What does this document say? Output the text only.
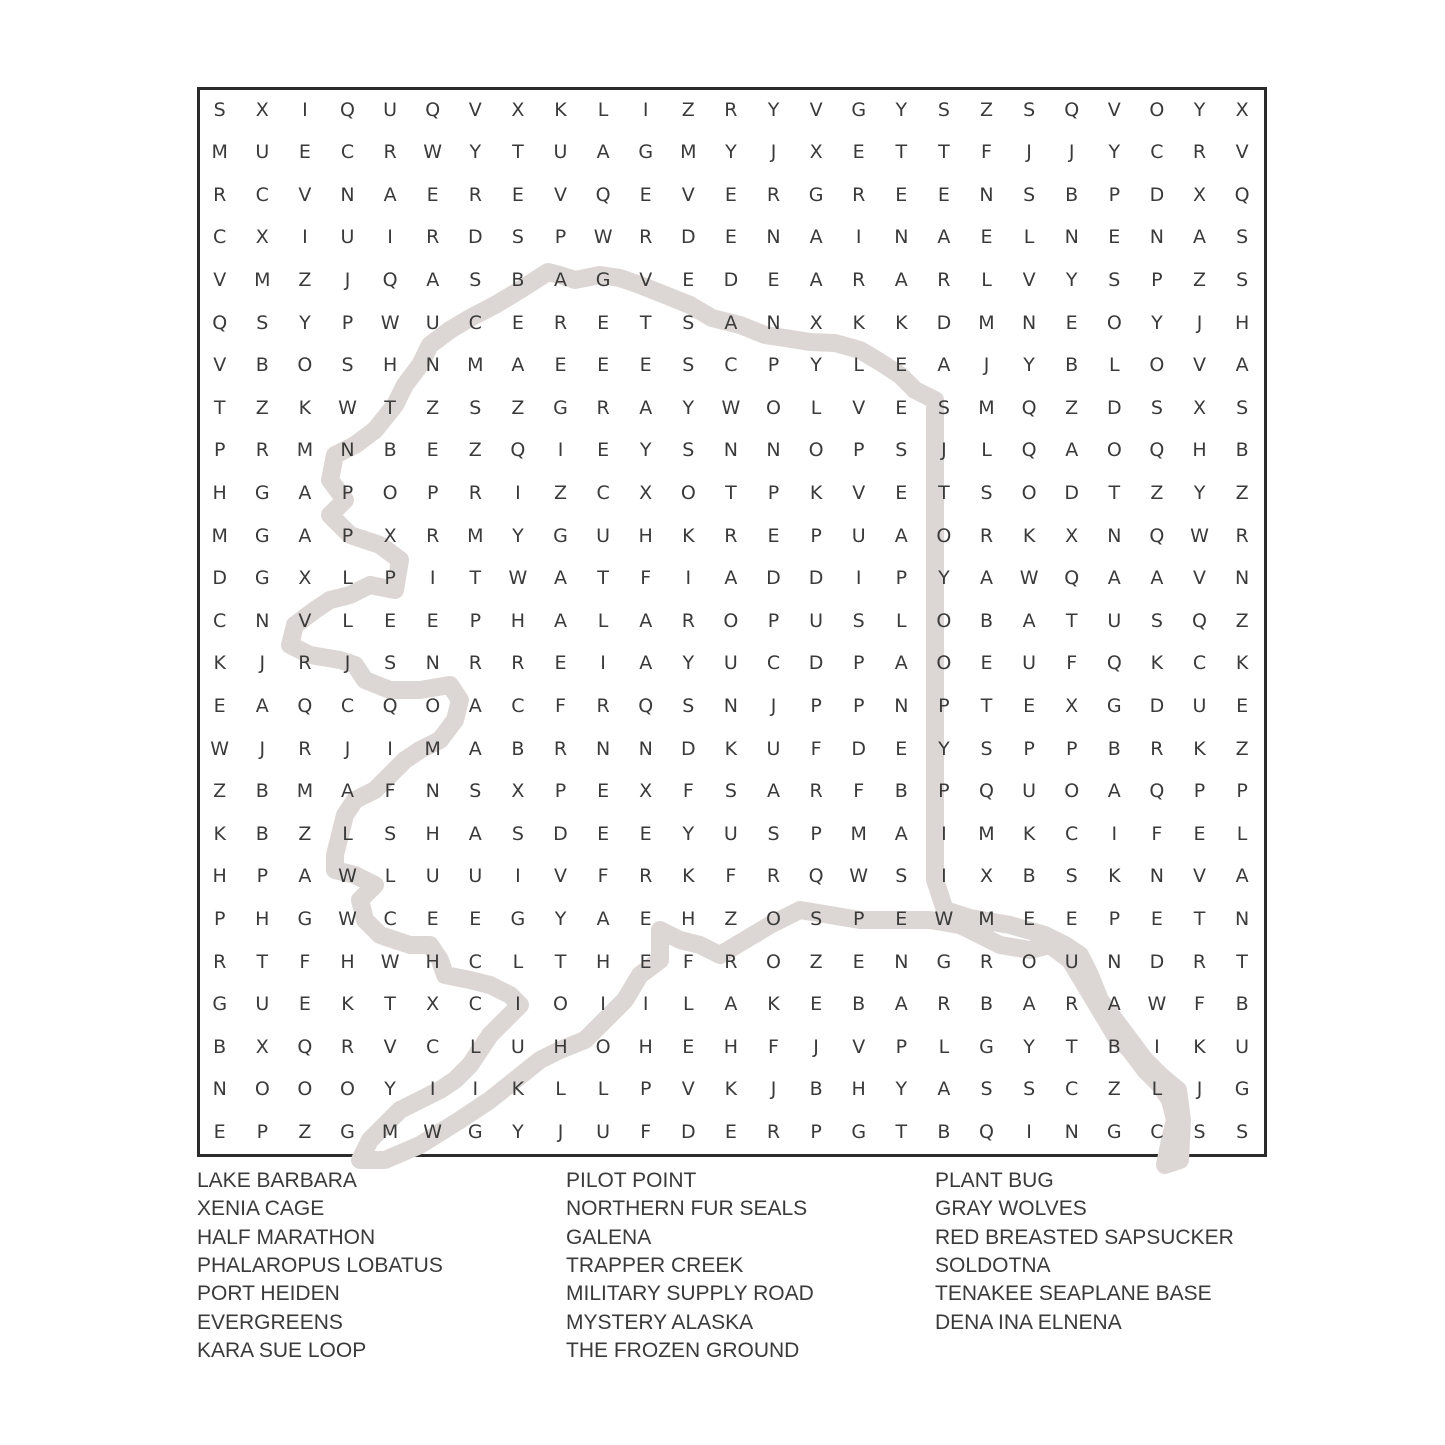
S	X	I	Q	U	Q	V	X	K	L	I	Z	R	Y	V	G	Y	S	Z	S	Q	V	O	Y	X
M	U	E	C	R	W	Y	T	U	A	G	M	Y	J	X	E	T	T	F	J	J	Y	C	R	V
R	C	V	N	A	E	R	E	V	Q	E	V	E	R	G	R	E	E	N	S	B	P	D	X	Q
C	X	I	U	I	R	D	S	P	W	R	D	E	N	A	I	N	A	E	L	N	E	N	A	S
V	M	Z	J	Q	A	S	B	A	G	V	E	D	E	A	R	A	R	L	V	Y	S	P	Z	S
Q	S	Y	P	W	U	C	E	R	E	T	S	A	N	X	K	K	D	M	N	E	O	Y	J	H
V	B	O	S	H	N	M	A	E	E	E	S	C	P	Y	L	E	A	J	Y	B	L	O	V	A
T	Z	K	W	T	Z	S	Z	G	R	A	Y	W	O	L	V	E	S	M	Q	Z	D	S	X	S
P	R	M	N	B	E	Z	Q	I	E	Y	S	N	N	O	P	S	J	L	Q	A	O	Q	H	B
H	G	A	P	O	P	R	I	Z	C	X	O	T	P	K	V	E	T	S	O	D	T	Z	Y	Z
M	G	A	P	X	R	M	Y	G	U	H	K	R	E	P	U	A	O	R	K	X	N	Q	W	R
D	G	X	L	P	I	T	W	A	T	F	I	A	D	D	I	P	Y	A	W	Q	A	A	V	N
C	N	V	L	E	E	P	H	A	L	A	R	O	P	U	S	L	O	B	A	T	U	S	Q	Z
K	J	R	J	S	N	R	R	E	I	A	Y	U	C	D	P	A	O	E	U	F	Q	K	C	K
E	A	Q	C	Q	O	A	C	F	R	Q	S	N	J	P	P	N	P	T	E	X	G	D	U	E
W	J	R	J	I	M	A	B	R	N	N	D	K	U	F	D	E	Y	S	P	P	B	R	K	Z
Z	B	M	A	F	N	S	X	P	E	X	F	S	A	R	F	B	P	Q	U	O	A	Q	P	P
K	B	Z	L	S	H	A	S	D	E	E	Y	U	S	P	M	A	I	M	K	C	I	F	E	L
H	P	A	W	L	U	U	I	V	F	R	K	F	R	Q	W	S	I	X	B	S	K	N	V	A
P	H	G	W	C	E	E	G	Y	A	E	H	Z	O	S	P	E	W	M	E	E	P	E	T	N
R	T	F	H	W	H	C	L	T	H	E	F	R	O	Z	E	N	G	R	O	U	N	D	R	T
G	U	E	K	T	X	C	I	O	I	I	L	A	K	E	B	A	R	B	A	R	A	W	F	B
B	X	Q	R	V	C	L	U	H	O	H	E	H	F	J	V	P	L	G	Y	T	B	I	K	U
N	O	O	O	Y	I	I	K	L	L	P	V	K	J	B	H	Y	A	S	S	C	Z	L	J	G
E	P	Z	G	M	W	G	Y	J	U	F	D	E	R	P	G	T	B	Q	I	N	G	C	S	S
LAKE BARBARA
XENIA CAGE
HALF MARATHON
PHALAROPUS LOBATUS
PORT HEIDEN
EVERGREENS
KARA SUE LOOP
PILOT POINT
NORTHERN FUR SEALS
GALENA
TRAPPER CREEK
MILITARY SUPPLY ROAD
MYSTERY ALASKA
THE FROZEN GROUND
PLANT BUG
GRAY WOLVES
RED BREASTED SAPSUCKER
SOLDOTNA
TENAKEE SEAPLANE BASE
DENA INA ELNENA
